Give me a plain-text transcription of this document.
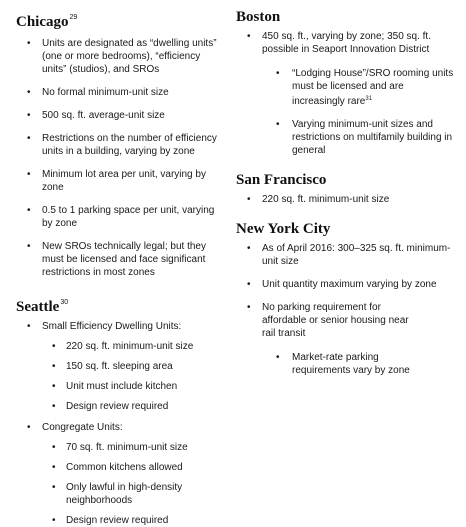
Chicago$^{29}$
• Units are designated as “dwelling units” (one or more bedrooms), “efficiency units” (studios), and SROs
• No formal minimum-unit size
• 500 sq. ft. average-unit size
• Restrictions on the number of efficiency units in a building, varying by zone
• Minimum lot area per unit, varying by zone
• 0.5 to 1 parking space per unit, varying by zone
• New SROs technically legal; but they must be licensed and face significant restrictions in most zones
Seattle$^{30}$
• Small Efficiency Dwelling Units:
• 220 sq. ft. minimum-unit size
• 150 sq. ft. sleeping area
• Unit must include kitchen
• Design review required
• Congregate Units:
• 70 sq. ft. minimum-unit size
• Common kitchens allowed
• Only lawful in high-density neighborhoods
• Design review required
Boston
• 450 sq. ft., varying by zone; 350 sq. ft. possible in Seaport Innovation District
• “Lodging House”/SRO rooming units must be licensed and are increasingly rare$^{31}$
• Varying minimum-unit sizes and restrictions on multifamily building in general
San Francisco
• 220 sq. ft. minimum-unit size
New York City
• As of April 2016: 300–325 sq. ft. minimum-unit size
• Unit quantity maximum varying by zone
• No parking requirement for affordable or senior housing near rail transit
• Market-rate parking requirements vary by zone
